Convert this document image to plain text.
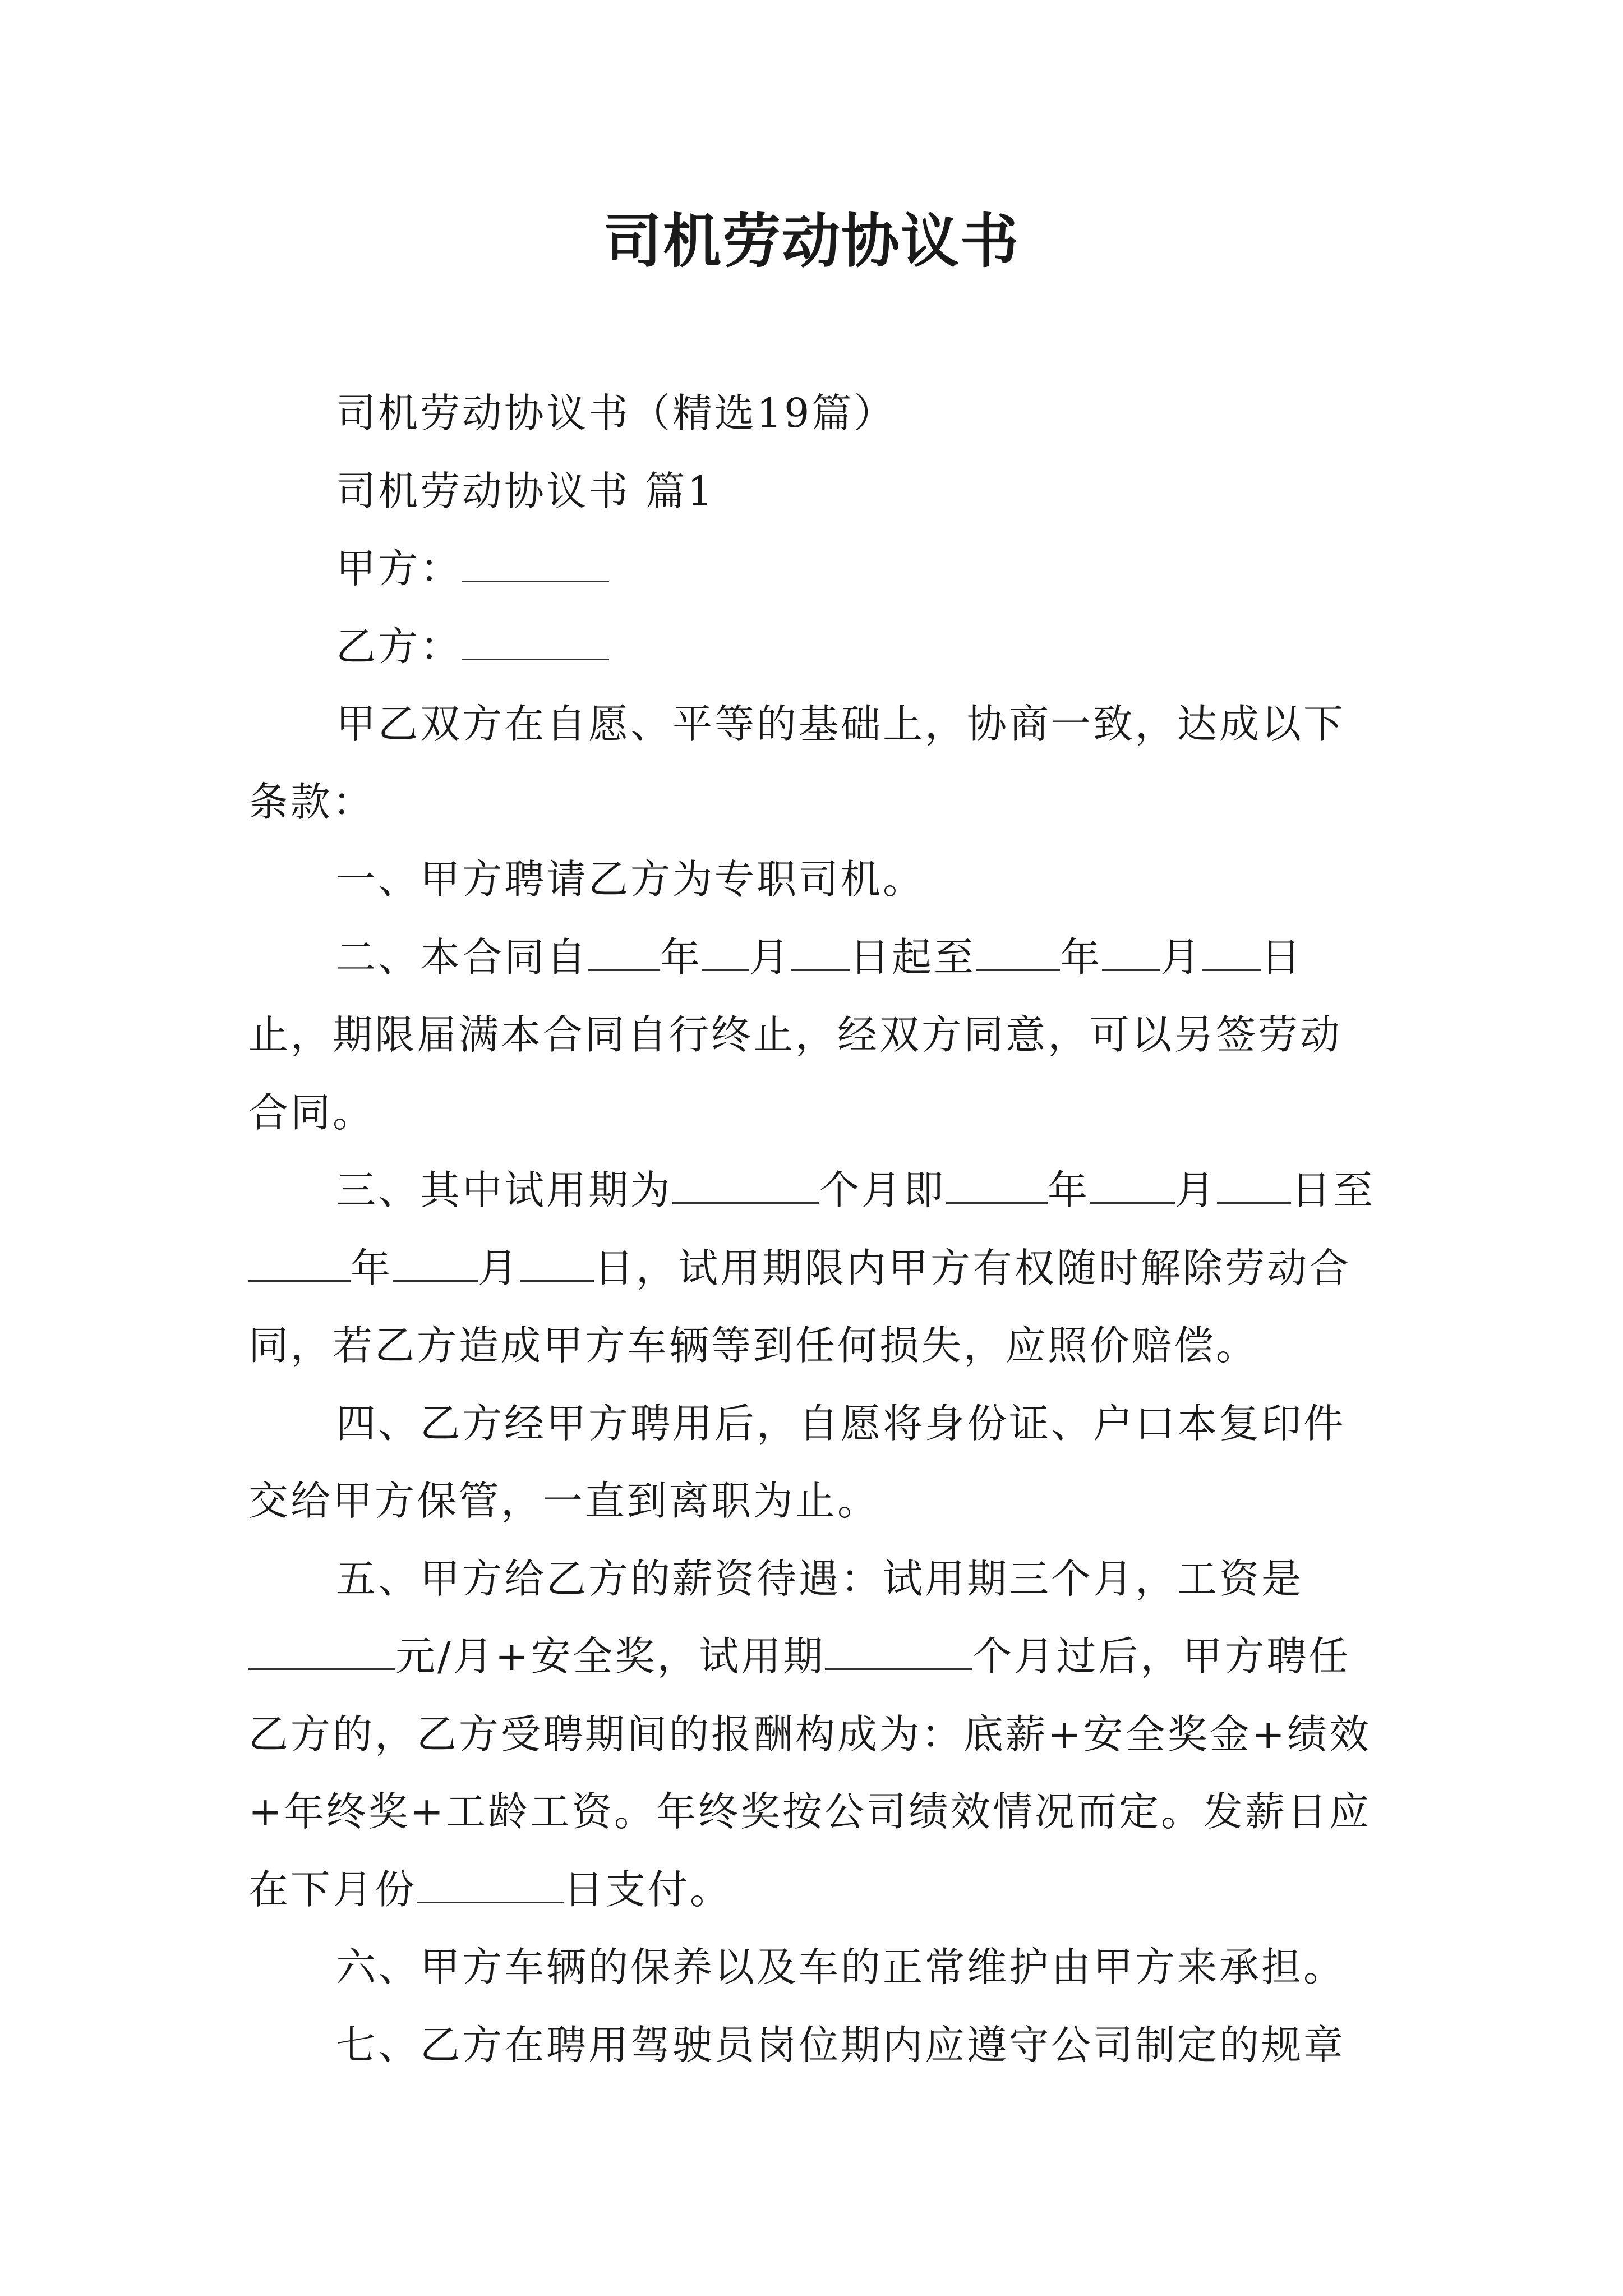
司机劳动协议书

司机劳动协议书（精选19篇）

司机劳动协议书 篇1

甲方：

乙方：

甲乙双方在自愿、平等的基础上，协商一致，达成以下条款：

一、甲方聘请乙方为专职司机。

二、本合同自 年 月 日起至 年 月 日止，期限届满本合同自行终止，经双方同意，可以另签劳动合同。

三、其中试用期为	个月即	年 月 日至年 月 日，试用期限内甲方有权随时解除劳动合同，若乙方造成甲方车辆等到任何损失，应照价赔偿。

四、乙方经甲方聘用后，自愿将身份证、户口本复印件交给甲方保管，一直到离职为止。

五、甲方给乙方的薪资待遇：试用期三个月，工资是元/月+安全奖，试用期	个月过后，甲方聘任乙方的，乙方受聘期间的报酬构成为：底薪+安全奖金+绩效+年终奖+工龄工资。年终奖按公司绩效情况而定。发薪日应在下月份	日支付。

六、甲方车辆的保养以及车的正常维护由甲方来承担。

七、乙方在聘用驾驶员岗位期内应遵守公司制定的规章
